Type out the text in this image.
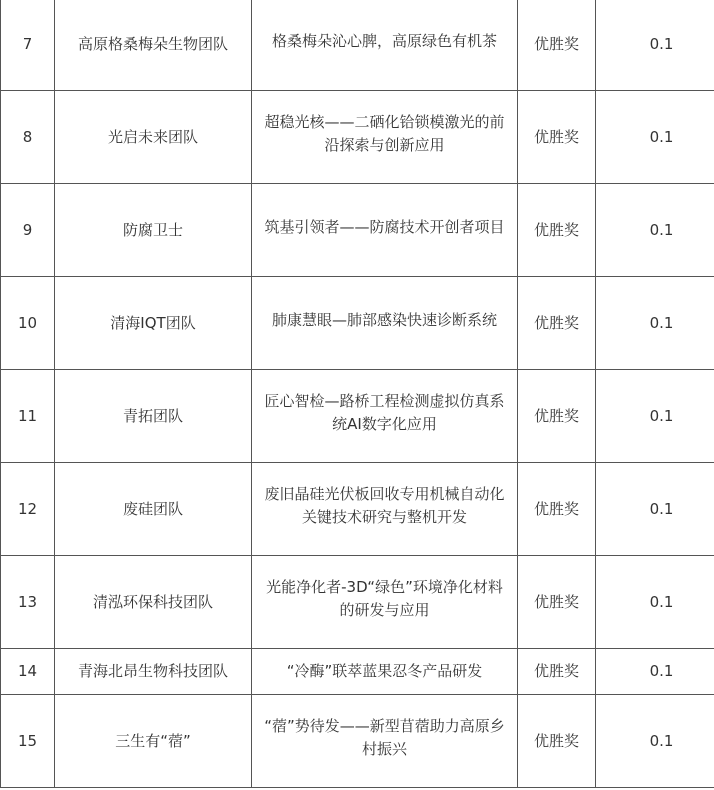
7	高原格桑梅朵生物团队	格桑梅朵沁心脾，高原绿色有机茶	优胜奖	0.1
8	光启未来团队	超稳光核——二硒化铪锁模激光的前沿探索与创新应用	优胜奖	0.1
9	防腐卫士	筑基引领者——防腐技术开创者项目	优胜奖	0.1
10	清海IQT团队	肺康慧眼—肺部感染快速诊断系统	优胜奖	0.1
11	青拓团队	匠心智检—路桥工程检测虚拟仿真系统AI数字化应用	优胜奖	0.1
12	废硅团队	废旧晶硅光伏板回收专用机械自动化关键技术研究与整机开发	优胜奖	0.1
13	清泓环保科技团队	光能净化者-3D“绿色”环境净化材料的研发与应用	优胜奖	0.1
14	青海北昂生物科技团队	“冷酶”联萃蓝果忍冬产品研发	优胜奖	0.1
15	三生有“蓿”	“蓿”势待发——新型苜蓿助力高原乡村振兴	优胜奖	0.1
